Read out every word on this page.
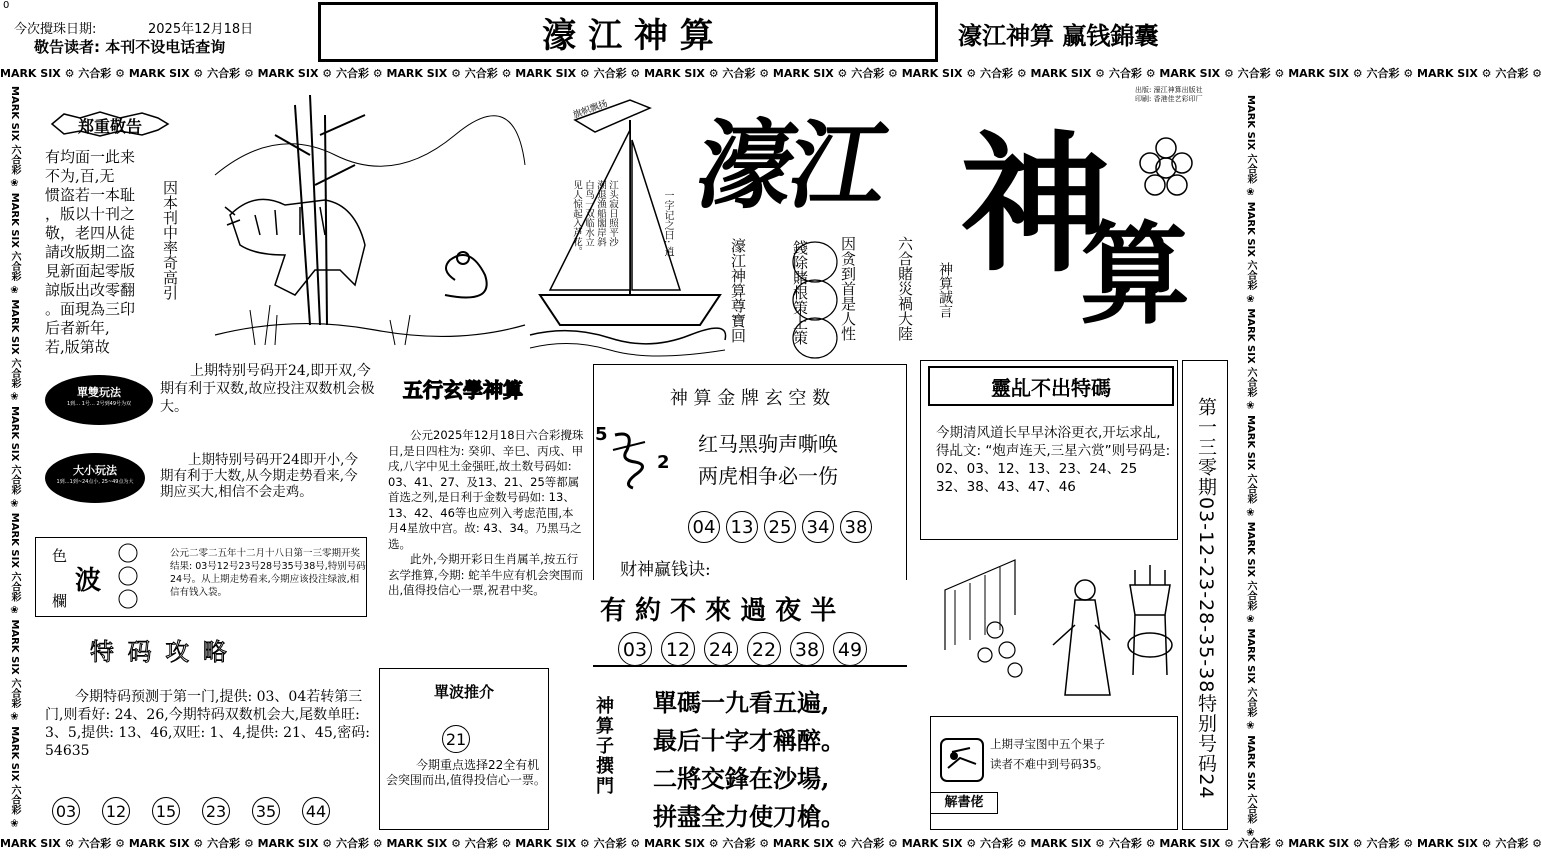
0
今次攪珠日期:	2025年12月18日
敬告读者: 本刊不设电话查询	濠 江 神 算	濠江神算 赢钱錦囊
MARK SIX ⚙ 六合彩 ⚙ MARK SIX ⚙ 六合彩 ⚙ MARK SIX ⚙ 六合彩 ⚙ MARK SIX ⚙ 六合彩 ⚙ MARK SIX ⚙ 六合彩 ⚙ MARK SIX ⚙ 六合彩 ⚙ MARK SIX ⚙ 六合彩 ⚙ MARK SIX ⚙ 六合彩 ⚙ MARK SIX ⚙ 六合彩 ⚙ MARK SIX ⚙ 六合彩 ⚙ MARK SIX ⚙ 六合彩 ⚙ MARK SIX ⚙ 六合彩 ⚙
MARK SIX ⚙ 六合彩 ⚙ MARK SIX ⚙ 六合彩 ⚙ MARK SIX ⚙ 六合彩 ⚙ MARK SIX ⚙ 六合彩 ⚙ MARK SIX ⚙ 六合彩 ⚙ MARK SIX ⚙ 六合彩 ⚙ MARK SIX ⚙ 六合彩 ⚙ MARK SIX ⚙ 六合彩 ⚙ MARK SIX ⚙ 六合彩 ⚙ MARK SIX ⚙ 六合彩 ⚙ MARK SIX ⚙ 六合彩 ⚙ MARK SIX ⚙ 六合彩 ⚙
MARK SIX 六合彩 ❀ MARK SIX 六合彩 ❀ MARK SIX 六合彩 ❀ MARK SIX 六合彩 ❀ MARK SIX 六合彩 ❀ MARK SIX 六合彩 ❀ MARK SIX 六合彩 ❀	MARK SIX 六合彩 ❀ MARK SIX 六合彩 ❀ MARK SIX 六合彩 ❀ MARK SIX 六合彩 ❀ MARK SIX 六合彩 ❀ MARK SIX 六合彩 ❀ MARK SIX 六合彩 ❀
出版: 濠江神算出版社
印刷: 香港佳艺彩印厂
郑重敬告
有均面一此来
不为,百,无
惯盗若一本耻
，版以十刊之
敬，老四从徒
請改版期二盗
見新面起零版
諒版出改零翻
。面現為三印
后者新年,
若,版第故
因本刊中率奇高引
旗帜飘扬
江头寂日照平沙
潮退渔船閣岸斜
白鸟一双临水立
见人惊起入芦花。	一字记之曰: 逍
濠江 神
算
濠江神算尊寶回	錢除賭根策上策 因贪到首是人性	六合賭災禍大陸 神算誠言
單雙玩法
1到… 1号… 2号到49号为双
上期特别号码开24,即开双,今期有利于双数,故应投注双数机会极大。
大小玩法
1到…1到~24点小, 25~49点为大
上期特别号码开24即开小,今期有利于大数,从今期走势看来,今期应买大,相信不会走鸡。
色
波
欄
公元二零二五年十二月十八日第一三零期开奖结果: 03号12号23号28号35号38号,特别号码24号。从上期走势看来,今期应该投注绿波,相信有钱入袋。
特 码 攻 略
今期特码预测于第一门,提供: 03、04若转第三门,则看好: 24、26,今期特码双数机会大,尾数单旺: 3、5,提供: 13、46,双旺: 1、4,提供: 21、45,密码: 54635
03 12 15 23 35 44
五行玄學神算
公元2025年12月18日六合彩攪珠日,是日四柱为: 癸卯、辛巳、丙戌、甲戌,八字中见土金强旺,故土数号码如: 03、41、27、及13、21、25等都属首选之列,是日利于金数号码如: 13、13、42、46等也应列入考虑范围,本月4星放中宫。故: 43、34。乃黑马之选。
此外,今期开彩日生肖属羊,按五行玄学推算,今期: 蛇羊牛应有机会突围而出,值得投信心一票,祝君中奖。
單波推介
21
今期重点选择22全有机会突围而出,值得投信心一票。
神 算 金 牌 玄 空 数
5
2
红马黑驹声嘶唤
两虎相争必一伤
04 13 25 34 38
财神赢钱诀:
有 約 不 來 過 夜 半
03 12 24 22 38 49
神算子撰門 單碼一九看五遍,
最后十字才稱醉。
二將交鋒在沙場,
拼盡全力使刀槍。
靈乩不出特碼
今期清风道长早早沐浴更衣,开坛求乩,得乩文: “炮声连天,三星六赏”则号码是: 02、03、12、13、23、24、25 32、38、43、47、46
上期寻宝图中五个果子
读者不难中到号码35。
解書佬
第一三零期03-12-23-28-35-38特别号码24
